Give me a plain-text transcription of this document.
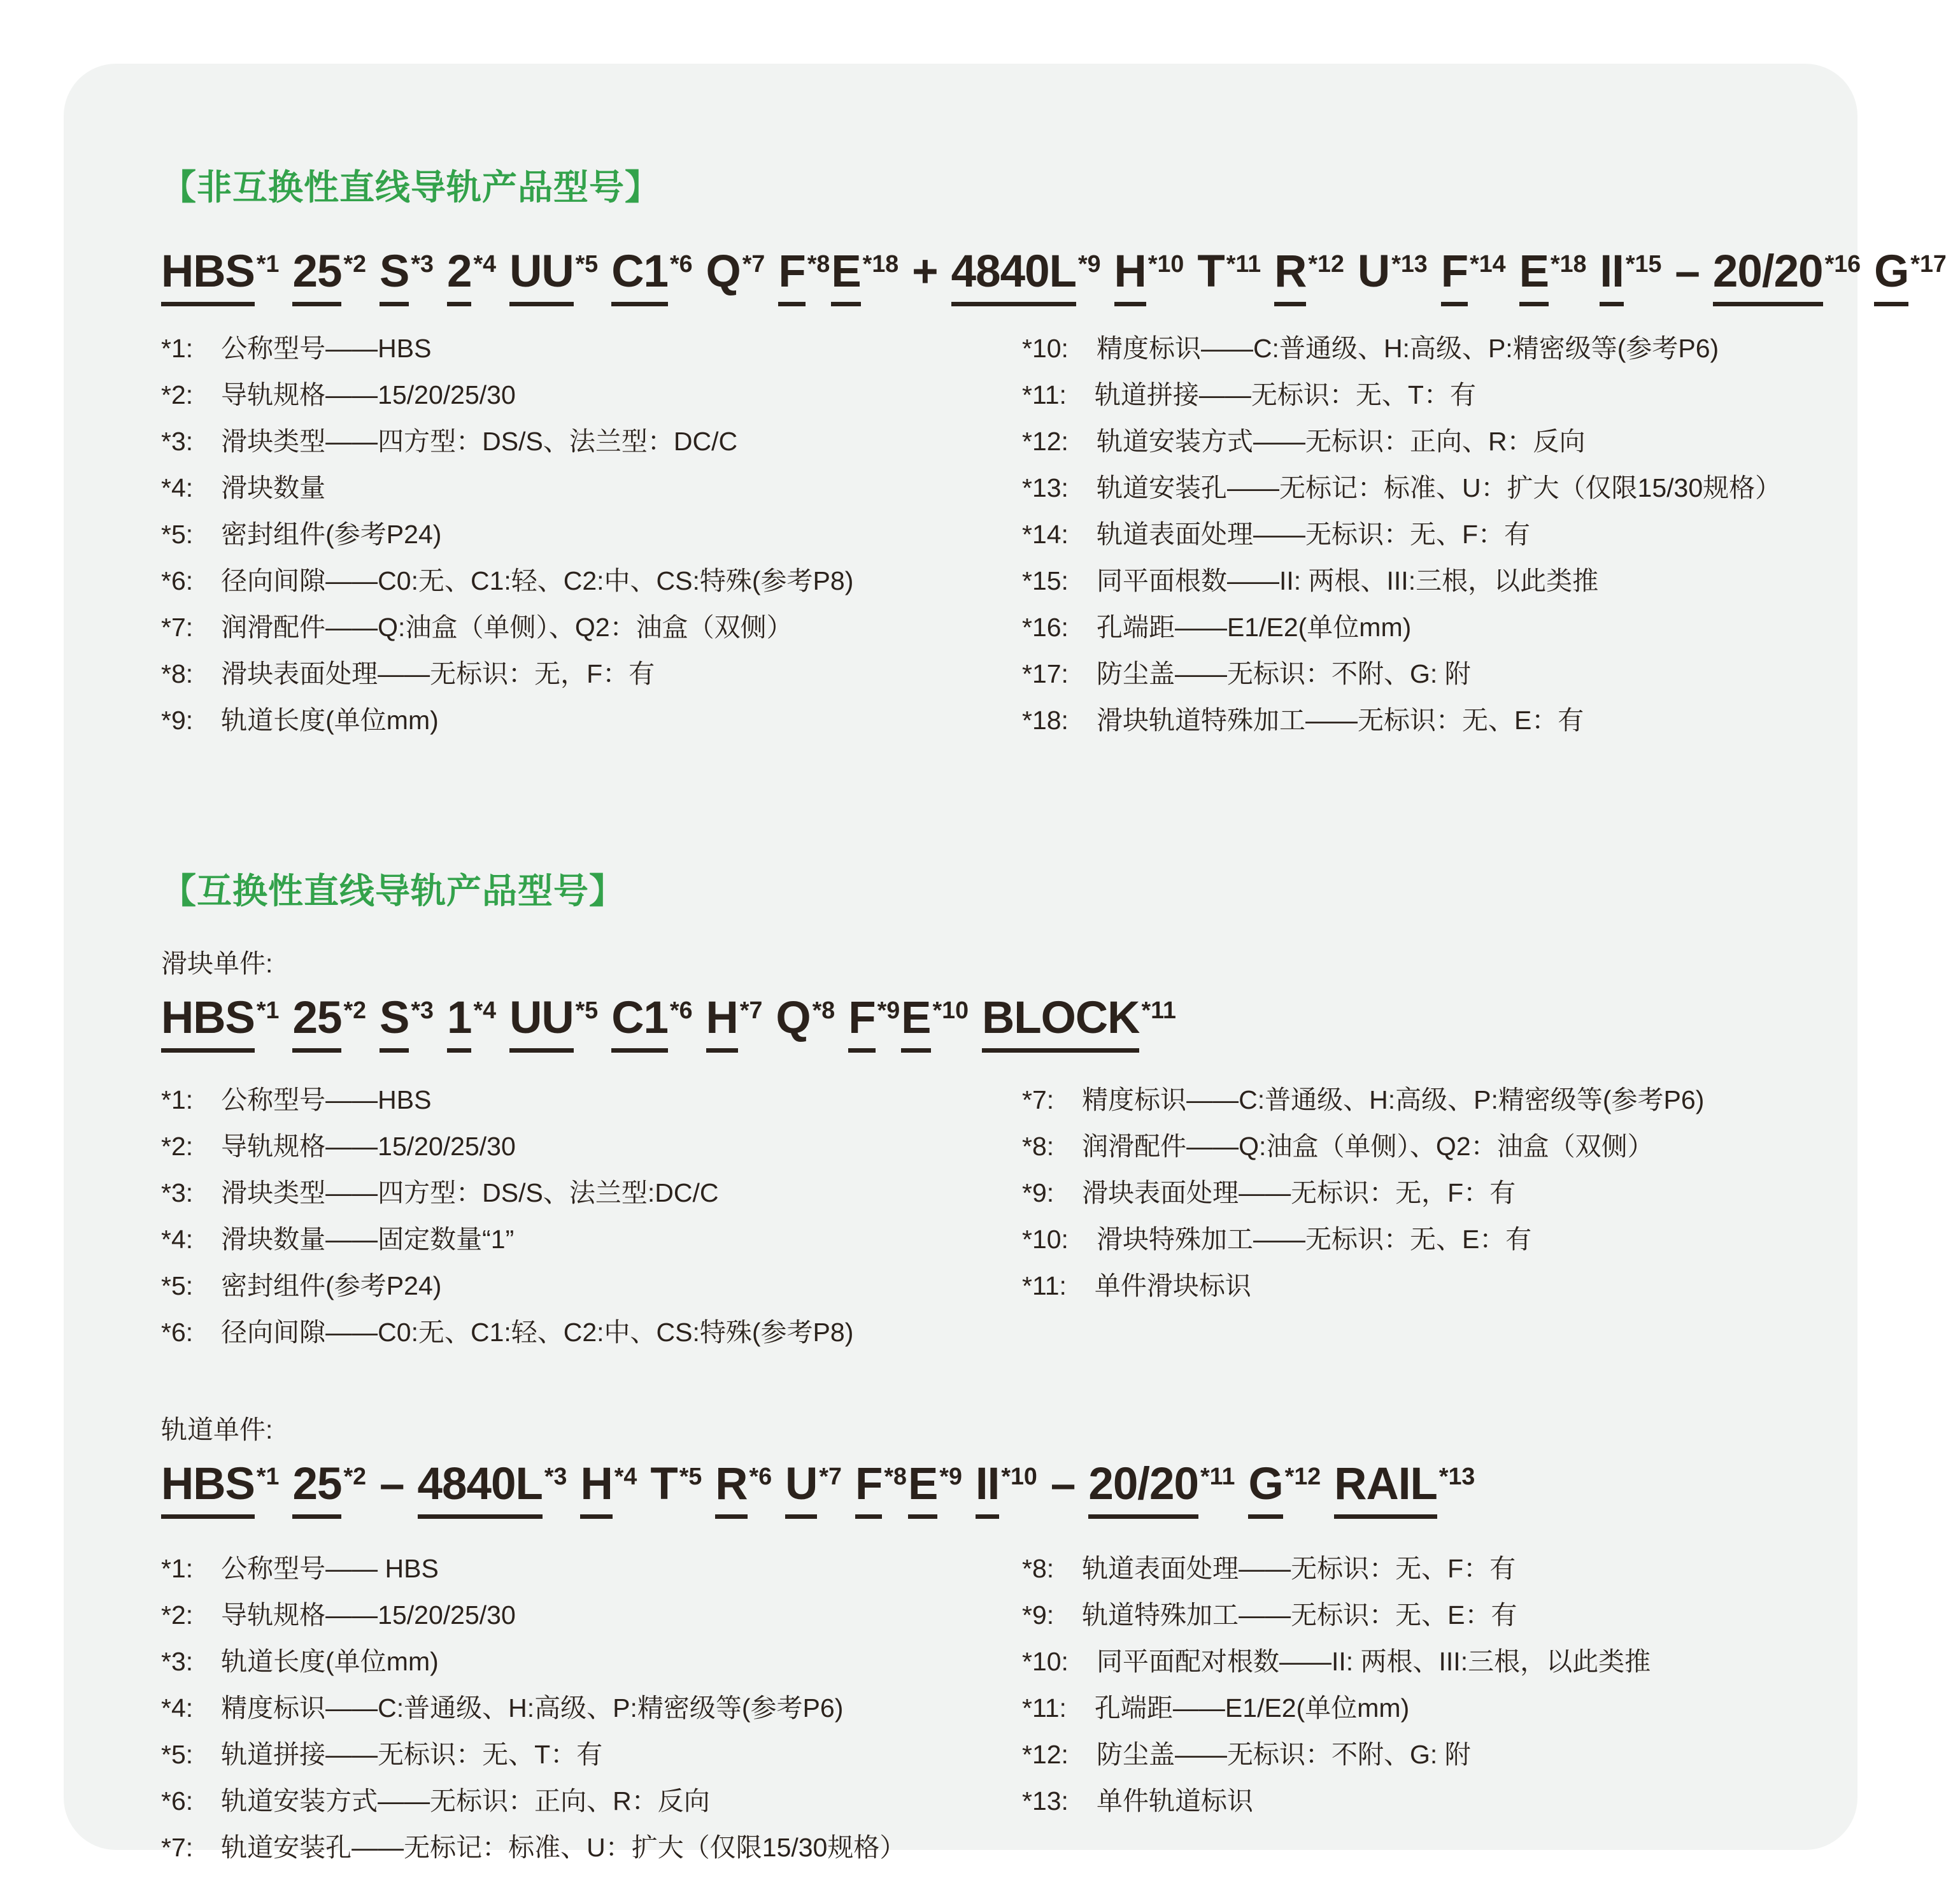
【非互换性直线导轨产品型号】
HBS$^{*1}$ 25$^{*2}$ $S^{*3}$ 2$^{*4}$ UU$^{*5}$ C1$^{*6}$ $Q^{*7}$ $F^{*8}E^{*18} + 4840L^{*9}$ $H^{*10}$ $T^{*11}$ $R^{*12}$ $U^{*13}$ $F^{*14}$ $E^{*18}$ II$^{*15}$ – 20/20$^{*16}$ $G^{*17}$
*1: 公称型号——HBS
*2: 导轨规格——15/20/25/30
*3: 滑块类型——四方型：DS/S、法兰型：DC/C
*4: 滑块数量
*5: 密封组件(参考P24)
*6: 径向间隙——C0:无、C1:轻、C2:中、CS:特殊(参考P8)
*7: 润滑配件——Q:油盒（单侧）、Q2：油盒（双侧）
*8: 滑块表面处理——无标识：无，F：有
*9: 轨道长度(单位mm)
*10: 精度标识——C:普通级、H:高级、P:精密级等(参考P6)
*11: 轨道拼接——无标识：无、T：有
*12: 轨道安装方式——无标识：正向、R：反向
*13: 轨道安装孔——无标记：标准、U：扩大（仅限15/30规格）
*14: 轨道表面处理——无标识：无、F：有
*15: 同平面根数——II: 两根、III:三根，以此类推
*16: 孔端距——E1/E2(单位mm)
*17: 防尘盖——无标识：不附、G: 附
*18: 滑块轨道特殊加工——无标识：无、E：有
【互换性直线导轨产品型号】
滑块单件:
HBS$^{*1}$ 25$^{*2}$ $S^{*3}$ 1$^{*4}$ UU$^{*5}$ C1$^{*6}$ $H^{*7}$ $Q^{*8}$ $F^{*9}E^{*10}$ BLOCK$^{*11}$
*1: 公称型号——HBS
*2: 导轨规格——15/20/25/30
*3: 滑块类型——四方型：DS/S、法兰型:DC/C
*4: 滑块数量——固定数量“1”
*5: 密封组件(参考P24)
*6: 径向间隙——C0:无、C1:轻、C2:中、CS:特殊(参考P8)
*7: 精度标识——C:普通级、H:高级、P:精密级等(参考P6)
*8: 润滑配件——Q:油盒（单侧）、Q2：油盒（双侧）
*9: 滑块表面处理——无标识：无，F：有
*10: 滑块特殊加工——无标识：无、E：有
*11: 单件滑块标识
轨道单件:
HBS$^{*1}$ $25^{*2} - 4840L^{*3}$ $H^{*4}$ $T^{*5}$ $R^{*6}$ $U^{*7}$ $F^{*8}E^{*9}$ II$^{*10}$ – 20/20$^{*11}$ $G^{*12}$ RAIL$^{*13}$
*1: 公称型号—— HBS
*2: 导轨规格——15/20/25/30
*3: 轨道长度(单位mm)
*4: 精度标识——C:普通级、H:高级、P:精密级等(参考P6)
*5: 轨道拼接——无标识：无、T：有
*6: 轨道安装方式——无标识：正向、R：反向
*7: 轨道安装孔——无标记：标准、U：扩大（仅限15/30规格）
*8: 轨道表面处理——无标识：无、F：有
*9: 轨道特殊加工——无标识：无、E：有
*10: 同平面配对根数——II: 两根、III:三根，以此类推
*11: 孔端距——E1/E2(单位mm)
*12: 防尘盖——无标识：不附、G: 附
*13: 单件轨道标识
